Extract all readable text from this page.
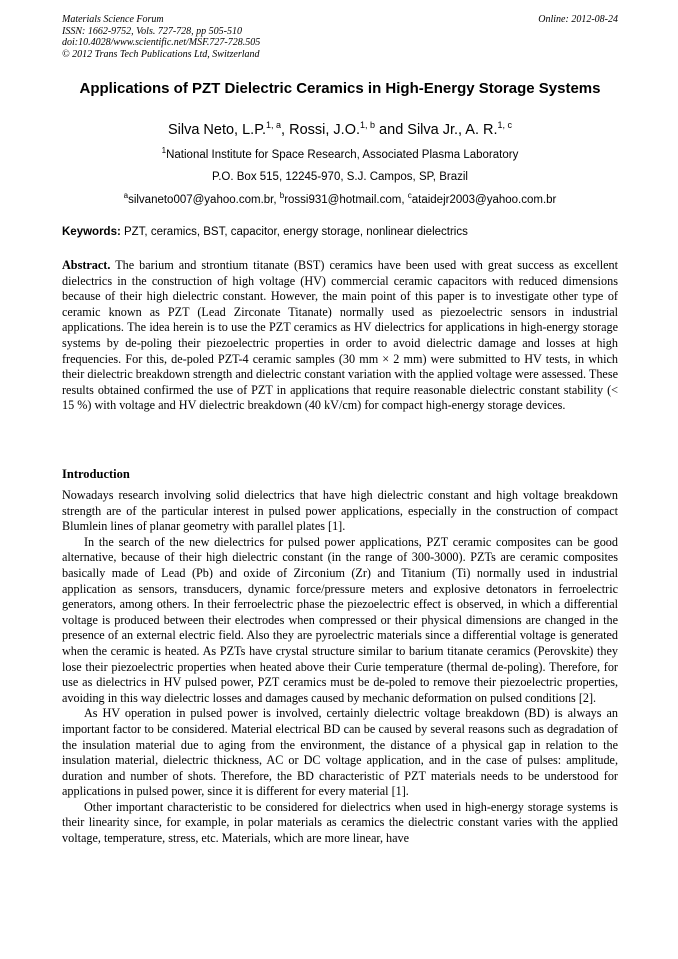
Online: 2012-08-24
Materials Science Forum
ISSN: 1662-9752, Vols. 727-728, pp 505-510
doi:10.4028/www.scientific.net/MSF.727-728.505
© 2012 Trans Tech Publications Ltd, Switzerland
Applications of PZT Dielectric Ceramics in High-Energy Storage Systems
Silva Neto, L.P.$^{1, a}$, Rossi, J.O.$^{1, b}$ and Silva Jr., A. R.$^{1, c}$
$^1$National Institute for Space Research, Associated Plasma Laboratory
P.O. Box 515, 12245-970, S.J. Campos, SP, Brazil
$^a$silvaneto007@yahoo.com.br, $^b$rossi931@hotmail.com, $^c$ataidejr2003@yahoo.com.br
Keywords: PZT, ceramics, BST, capacitor, energy storage, nonlinear dielectrics
Abstract. The barium and strontium titanate (BST) ceramics have been used with great success as excellent dielectrics in the construction of high voltage (HV) commercial ceramic capacitors with reduced dimensions because of their high dielectric constant. However, the main point of this paper is to investigate other type of ceramic known as PZT (Lead Zirconate Titanate) normally used as piezoelectric sensors in industrial applications. The idea herein is to use the PZT ceramics as HV dielectrics for applications in high-energy storage systems by de-poling their piezoelectric properties in order to avoid dielectric damage and losses at high frequencies. For this, de-poled PZT-4 ceramic samples (30 mm × 2 mm) were submitted to HV tests, in which their dielectric breakdown strength and dielectric constant variation with the applied voltage were assessed. These results obtained confirmed the use of PZT in applications that require reasonable dielectric constant stability (< 15 %) with voltage and HV dielectric breakdown (40 kV/cm) for compact high-energy storage devices.
Introduction

Nowadays research involving solid dielectrics that have high dielectric constant and high voltage breakdown strength are of the particular interest in pulsed power applications, especially in the construction of compact Blumlein lines of planar geometry with parallel plates [1].

In the search of the new dielectrics for pulsed power applications, PZT ceramic composites can be good alternative, because of their high dielectric constant (in the range of 300-3000). PZTs are ceramic composites basically made of Lead (Pb) and oxide of Zirconium (Zr) and Titanium (Ti) normally used in industrial application as sensors, transducers, dynamic force/pressure meters and explosive detonators in ferroelectric generators, among others. In their ferroelectric phase the piezoelectric effect is observed, in which a differential voltage is produced between their electrodes when compressed or their physical dimensions are changed in the presence of an external electric field. Also they are pyroelectric materials since a differential voltage is generated when the ceramic is heated. As PZTs have crystal structure similar to barium titanate ceramics (Perovskite) they lose their piezoelectric properties when heated above their Curie temperature (thermal de-poling). Therefore, for use as dielectrics in HV pulsed power, PZT ceramics must be de-poled to remove their piezoelectric properties, avoiding in this way dielectric losses and damages caused by mechanic deformation on pulsed conditions [2].

As HV operation in pulsed power is involved, certainly dielectric voltage breakdown (BD) is always an important factor to be considered. Material electrical BD can be caused by several reasons such as degradation of the insulation material due to aging from the environment, the distance of a physical gap in relation to the insulation material, dielectric thickness, AC or DC voltage application, and in the case of pulses: amplitude, duration and number of shots. Therefore, the BD characteristic of PZT materials needs to be understood for applications in pulsed power, since it is different for every material [1].

Other important characteristic to be considered for dielectrics when used in high-energy storage systems is their linearity since, for example, in polar materials as ceramics the dielectric constant varies with the applied voltage, temperature, stress, etc. Materials, which are more linear, have
